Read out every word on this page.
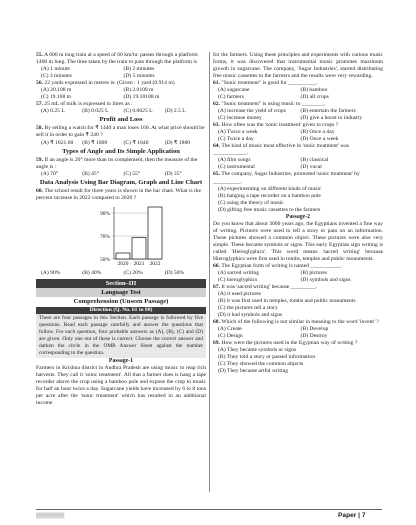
55. A 600 m long train at a speed of 60 km/hr. passes through a platform 1400 m long. The time taken by the train to pass through the platform is

(A) 1 minute	(B) 2 minutes
(C) 3 minutes	(D) 5 minutes

56. 22 yards expressed in metres is: (Given : 1 yard (0.914 m)

(A) 20.108 m	(B) 2.0108 m
(C) 19.108 m	(D) 19.10108 m

57. 25 mL of milk is expressed in litres as :

(A) 0.25 L	(B) 0.025 L	(C) 0.0025 L	(D) 2.5 L
Profit and Loss

58. By selling a watch for ₹ 1440 a man loses 160. At what price should he sell it in order to gain ₹ 240 ?

(A) ₹ 1821.60	(B) ₹ 1800	(C) ₹ 1840	(D) ₹ 1880
Types of Angle and Its Simple Application

59. If an angle is 20° more than its complement, then the measure of the angle is :

(A) 70°	(B) 45°	(C) 55°	(D) 35°
Data Analysis Using Bar Diagram, Graph and Line Chart

60. The school result for three years is shown in the bar chart. What is the percent increase in 2022 compared to 2020 ?

90%
70%
50%
2020 2021 2022
(A) 90%	(B) 40%	(C) 20%	(D) 50%
Section–III
Language Test
Comprehension (Unseen Passage)
Direction (Q. No. 61 to 80)
There are four passages in this Section. Each passage is followed by five questions. Read each passage carefully and answer the questions that follow. For each question, four probable answers as (A), (B), (C) and (D) are given. Only one out of these is correct. Choose the correct answer and darken the circle in the OMR Answer Sheet against the number corresponding to the question.
Passage-1

Farmers in Krishna district in Andhra Pradesh are using music to reap rich harvests. They call it 'sonic treatment'. All that a farmer does is hang a tape recorder above the crop using a bamboo pole and expose the crop to music for half an hour twice a day. Sugarcane yields have increased by 6 to 8 tons per acre after the 'sonic treatment' which has resulted in an additional income

for the farmers. Using these principles and experiments with various music forms, it was discovered that instrumental music promotes maximum growth in sugarcane. The company, 'Sugar Industries', started distributing free music cassettes to the farmers and the results were very rewarding.

61. "Sonic treatment" is good for __________.

(A) sugarcane	(B) bamboo
(C) farmers	(D) all crops

62. "Sonic treatment" is using music to ________.

(A) increase the yield of crops	(B) entertain the farmers
(C) increase money	(D) give a boost to industry

63. How often was the 'sonic treatment' given to crops ?

(A) Twice a week	(B) Once a day
(C) Twice a day	(D) Once a week

64. The kind of music most effective in 'sonic treatment' was ____________.

(A) film songs	(B) classical
(C) instrumental	(D) vocal

65. The company, Sugar Industries, promoted 'sonic treatment' by __________.

(A) experimenting on different kinds of music
(B) hanging a tape recorder on a bamboo pole
(C) using the theory of music
(D) gifting free music cassettes to the farmers
Passage-2

Do you know that about 3000 years ago, the Egyptians invented a fine way of writing. Pictures were used to tell a story or pass on an information. These pictures showed a common object. These pictures were also very simple. These became symbols or signs. This early Egyptian sign writing is called 'Hieroglyphics'. This word means 'sacred writing' because Hieroglyphics were first used in tombs, temples and public monuments.

66. The Egyptian form of writing is named ___________.

(A) sacred writing	(B) pictures
(C) hieroglyphics	(D) symbols and signs

67. It was 'sacred writing' because _________.

(A) it used pictures
(B) it was first used in temples, tombs and public monuments
(C) the pictures tell a story
(D) it had symbols and signs

68. Which of the following is not similar in meaning to the word 'invent' ?

(A) Create	(B) Develop
(C) Design	(D) Destroy

69. How were the pictures used in the Egyptian way of writing ?

(A) They became symbols or signs
(B) They told a story or passed information
(C) They showed the common objects
(D) They became artful writing
▒▒▒▒▒▒▒▒	Paper | 7
